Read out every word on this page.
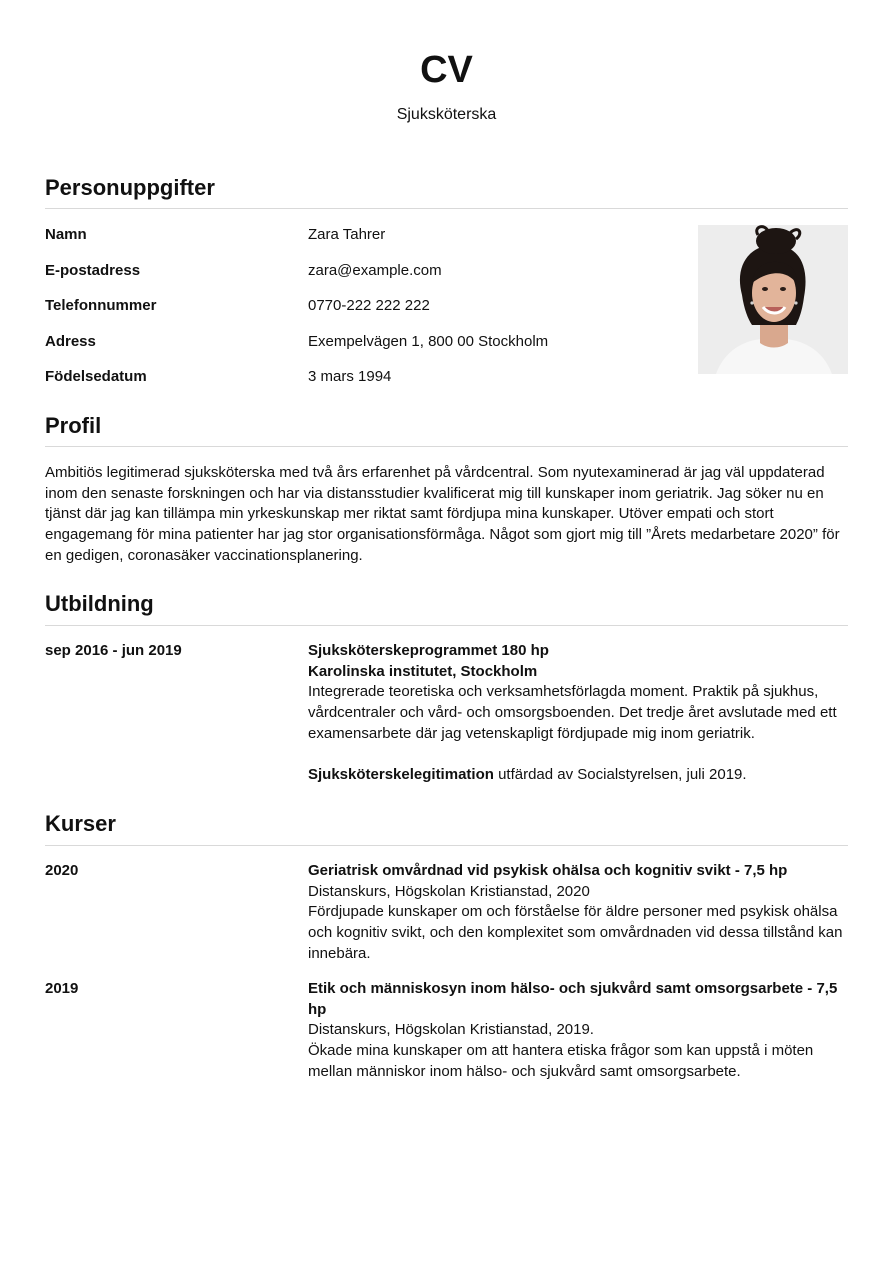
CV
Sjuksköterska
Personuppgifter
Namn	Zara Tahrer
E-postadress	zara@example.com
Telefonnummer	0770-222 222 222
Adress	Exempelvägen 1, 800 00 Stockholm
Födelsedatum	3 mars 1994
Profil
Ambitiös legitimerad sjuksköterska med två års erfarenhet på vårdcentral. Som nyutexaminerad är jag väl uppdaterad inom den senaste forskningen och har via distansstudier kvalificerat mig till kunskaper inom geriatrik. Jag söker nu en tjänst där jag kan tillämpa min yrkeskunskap mer riktat samt fördjupa mina kunskaper. Utöver empati och stort engagemang för mina patienter har jag stor organisationsförmåga. Något som gjort mig till ”Årets medarbetare 2020” för en gedigen, coronasäker vaccinationsplanering.
Utbildning
sep 2016 - jun 2019	Sjuksköterskeprogrammet 180 hp
Karolinska institutet, Stockholm
Integrerade teoretiska och verksamhetsförlagda moment. Praktik på sjukhus, vårdcentraler och vård- och omsorgsboenden. Det tredje året avslutade med ett examensarbete där jag vetenskapligt fördjupade mig inom geriatrik.
Sjuksköterskelegitimation utfärdad av Socialstyrelsen, juli 2019.
Kurser
2020	Geriatrisk omvårdnad vid psykisk ohälsa och kognitiv svikt - 7,5 hp
Distanskurs, Högskolan Kristianstad, 2020
Fördjupade kunskaper om och förståelse för äldre personer med psykisk ohälsa och kognitiv svikt, och den komplexitet som omvårdnaden vid dessa tillstånd kan innebära.
2019	Etik och människosyn inom hälso- och sjukvård samt omsorgsarbete - 7,5 hp
Distanskurs, Högskolan Kristianstad, 2019.
Ökade mina kunskaper om att hantera etiska frågor som kan uppstå i möten mellan människor inom hälso- och sjukvård samt omsorgsarbete.
